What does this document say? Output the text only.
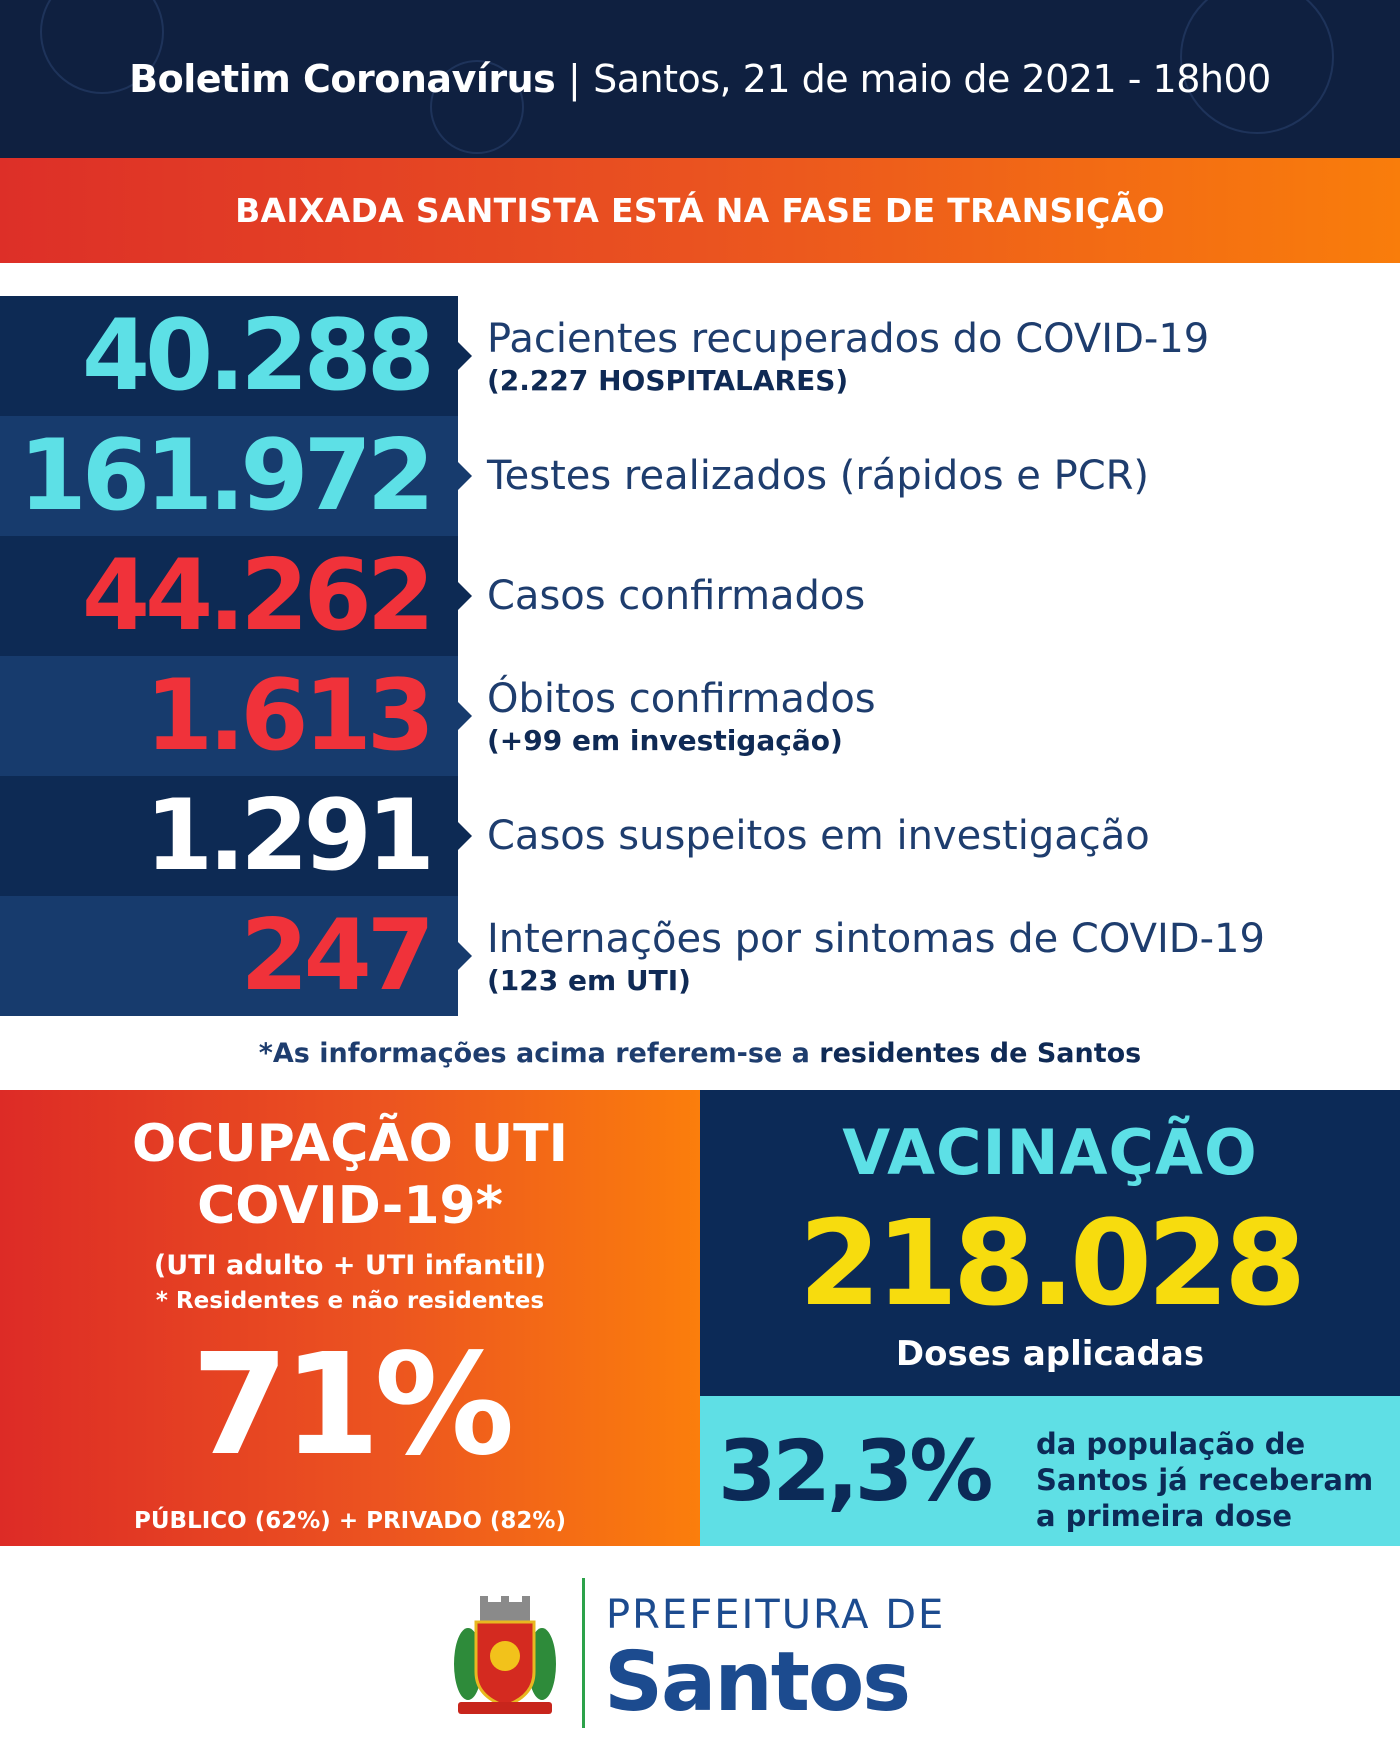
Boletim Coronavírus | Santos, 21 de maio de 2021 - 18h00
BAIXADA SANTISTA ESTÁ NA FASE DE TRANSIÇÃO
40.288 Pacientes recuperados do COVID-19
(2.227 HOSPITALARES)
161.972 Testes realizados (rápidos e PCR)
44.262 Casos confirmados
1.613 Óbitos confirmados
(+99 em investigação)
1.291 Casos suspeitos em investigação
247 Internações por sintomas de COVID-19
(123 em UTI)
*As informações acima referem-se a residentes de Santos
OCUPAÇÃO UTI
COVID-19*
(UTI adulto + UTI infantil)
* Residentes e não residentes
71%
PÚBLICO (62%) + PRIVADO (82%)
VACINAÇÃO
218.028
Doses aplicadas
32,3% da população de
Santos já receberam
a primeira dose
PREFEITURA DE
Santos
